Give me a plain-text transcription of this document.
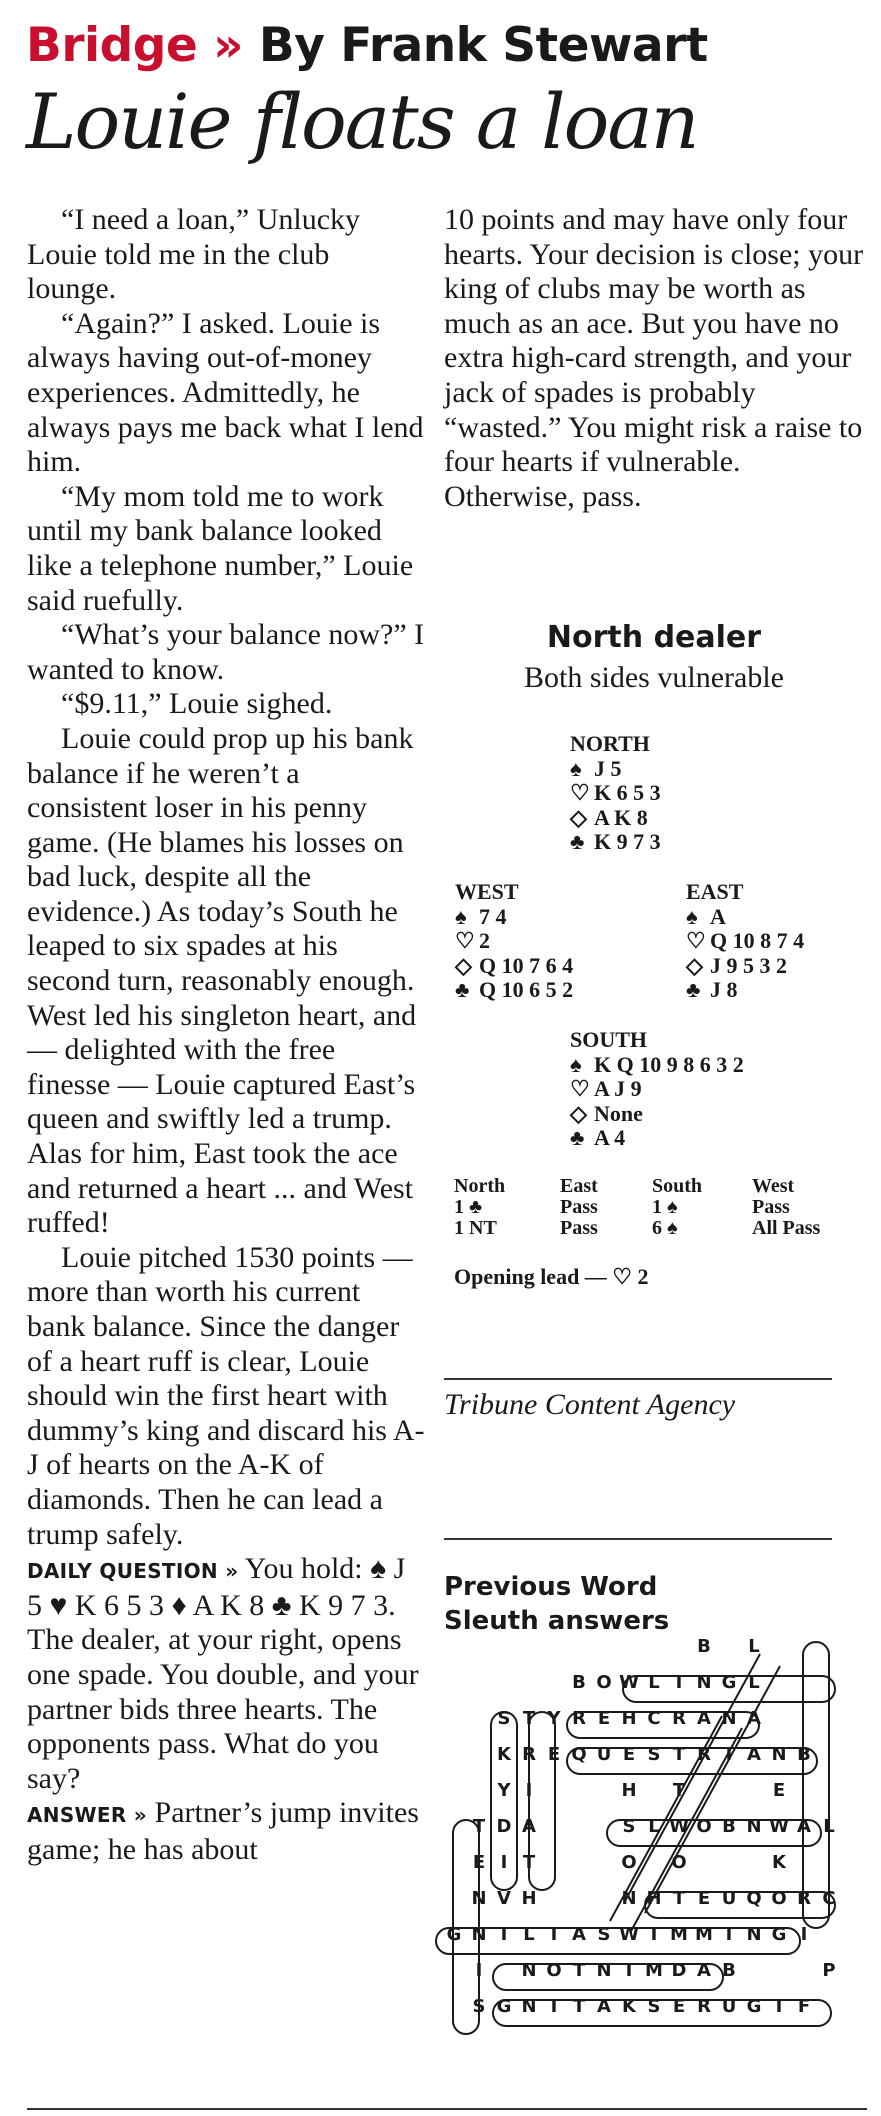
Bridge » By Frank Stewart
Louie floats a loan

“I need a loan,” Unlucky Louie told me in the club lounge.

“Again?” I asked. Louie is always having out-of-money experiences. Admittedly, he always pays me back what I lend him.

“My mom told me to work until my bank balance looked like a telephone number,” Louie said ruefully.

“What’s your balance now?” I wanted to know.

“$9.11,” Louie sighed.

Louie could prop up his bank balance if he weren’t a consistent loser in his penny game. (He blames his losses on bad luck, despite all the evidence.) As today’s South he leaped to six spades at his second turn, reasonably enough. West led his singleton heart, and — delighted with the free finesse — Louie captured East’s queen and swiftly led a trump. Alas for him, East took the ace and returned a heart ... and West ruffed!

Louie pitched 1530 points — more than worth his current bank balance. Since the danger of a heart ruff is clear, Louie should win the first heart with dummy’s king and discard his A-J of hearts on the A-K of diamonds. Then he can lead a trump safely.

DAILY QUESTION » You hold: ♠ J 5 ♥ K 6 5 3 ♦ A K 8 ♣ K 9 7 3. The dealer, at your right, opens one spade. You double, and your partner bids three hearts. The opponents pass. What do you say?

ANSWER » Partner’s jump invites game; he has about

10 points and may have only four hearts. Your decision is close; your king of clubs may be worth as much as an ace. But you have no extra high-card strength, and your jack of spades is probably “wasted.” You might risk a raise to four hearts if vulnerable. Otherwise, pass.

North dealer
Both sides vulnerable
NORTH
♠ J 5
♡ K 6 5 3
◇ A K 8
♣ K 9 7 3
WEST
♠ 7 4
♡ 2
◇ Q 10 7 6 4
♣ Q 10 6 5 2
EAST
♠ A
♡ Q 10 8 7 4
◇ J 9 5 3 2
♣ J 8
SOUTH
♠ K Q 10 9 8 6 3 2
♡ A J 9
◇ None
♣ A 4
North	East	South West
1 ♣	Pass	1 ♠	Pass
1 NT	Pass	6 ♠	All Pass
Opening lead — ♡ 2
Tribune Content Agency
Previous Word
Sleuth answers
B L
B O W L I N G L
S T Y R E H C R A N A
K R E Q U E S T R I A N B
Y I	H T	E
T D A	S L W O B N W A L
E I T	O O	K
N V H	N H T E U Q O R C
G N I L I A S W I M M I N G I
I N O T N I M D A B	P
S G N I T A K S E R U G I F
